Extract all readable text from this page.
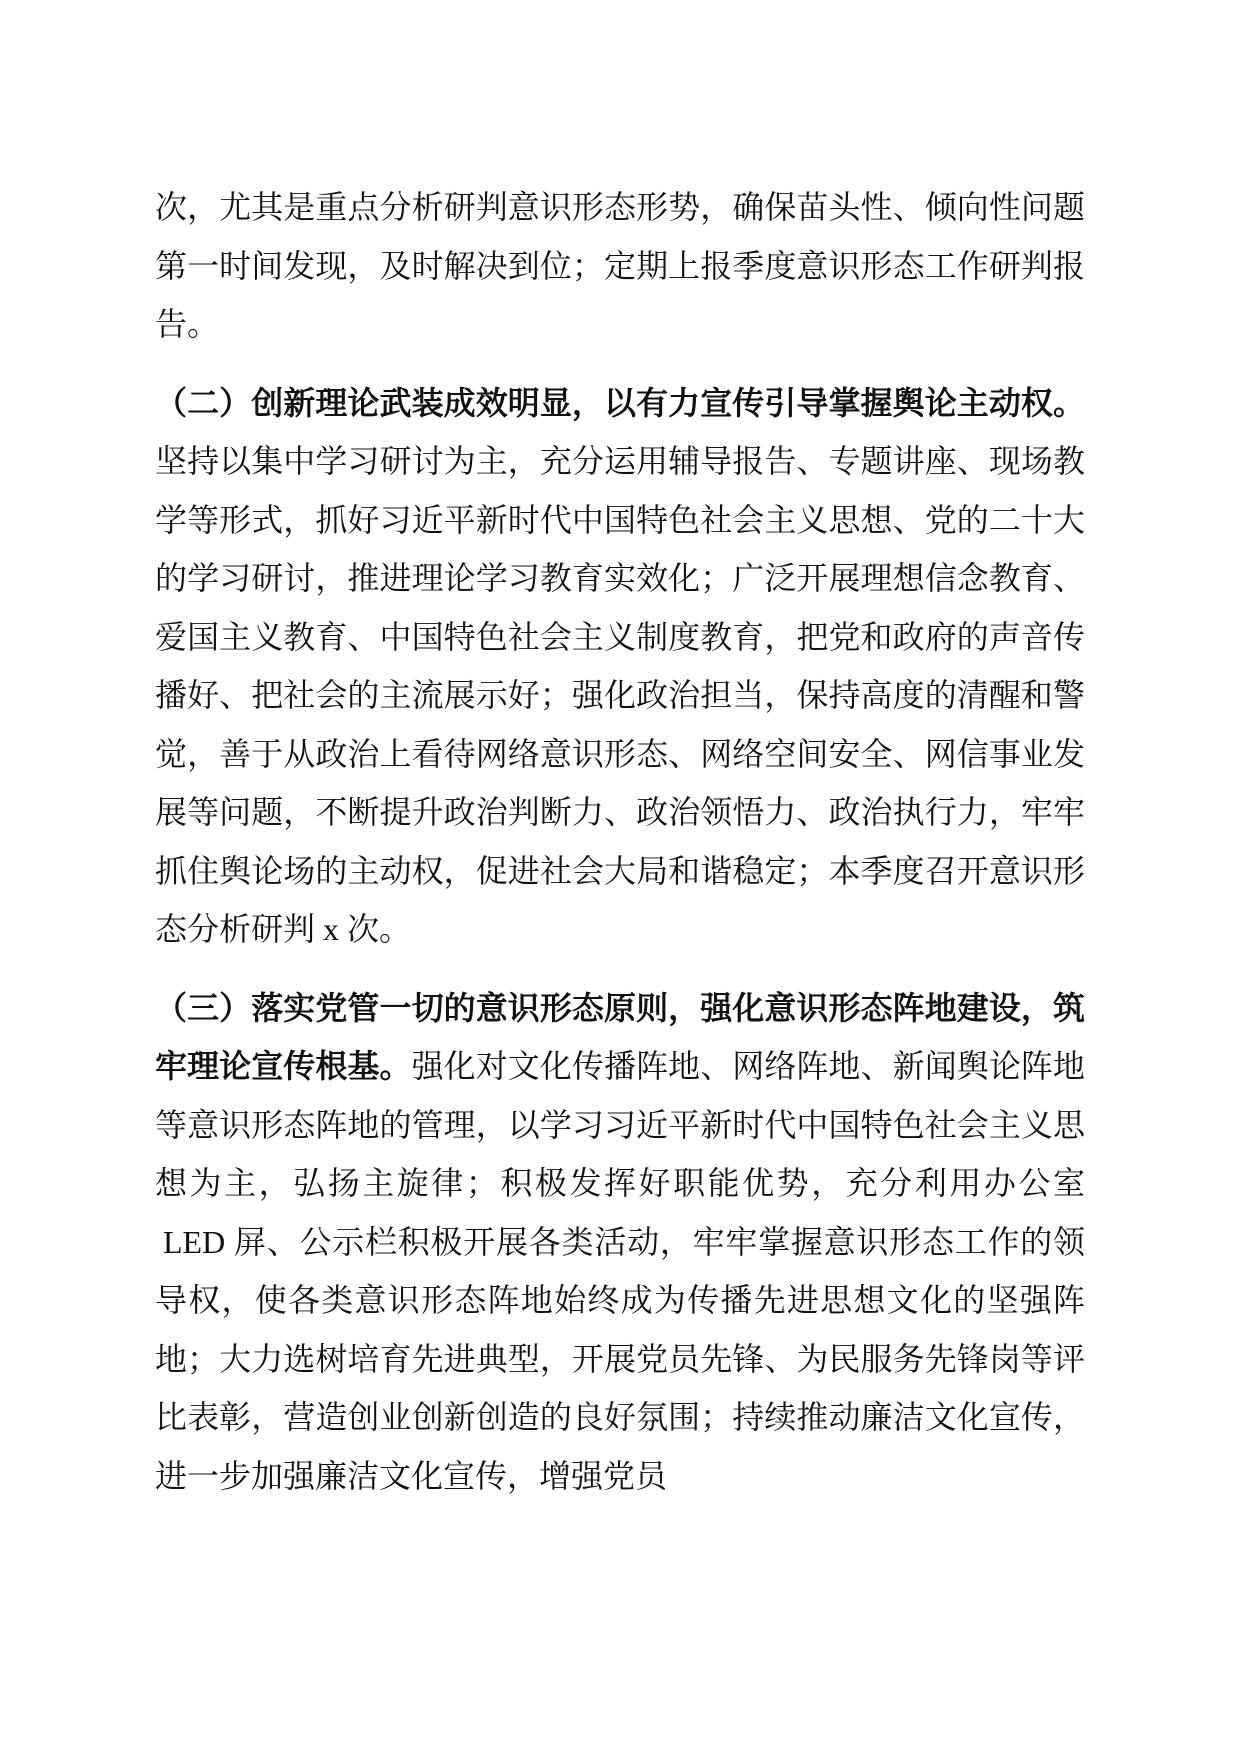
次，尤其是重点分析研判意识形态形势，确保苗头性、倾向性问题第一时间发现，及时解决到位；定期上报季度意识形态工作研判报告。

（二）创新理论武装成效明显，以有力宣传引导掌握舆论主动权。坚持以集中学习研讨为主，充分运用辅导报告、专题讲座、现场教学等形式，抓好习近平新时代中国特色社会主义思想、党的二十大的学习研讨，推进理论学习教育实效化；广泛开展理想信念教育、爱国主义教育、中国特色社会主义制度教育，把党和政府的声音传播好、把社会的主流展示好；强化政治担当，保持高度的清醒和警觉，善于从政治上看待网络意识形态、网络空间安全、网信事业发展等问题，不断提升政治判断力、政治领悟力、政治执行力，牢牢抓住舆论场的主动权，促进社会大局和谐稳定；本季度召开意识形态分析研判 x 次。

（三）落实党管一切的意识形态原则，强化意识形态阵地建设，筑牢理论宣传根基。强化对文化传播阵地、网络阵地、新闻舆论阵地等意识形态阵地的管理，以学习习近平新时代中国特色社会主义思想为主，弘扬主旋律；积极发挥好职能优势，充分利用办公室LED 屏、公示栏积极开展各类活动，牢牢掌握意识形态工作的领导权，使各类意识形态阵地始终成为传播先进思想文化的坚强阵地；大力选树培育先进典型，开展党员先锋、为民服务先锋岗等评比表彰，营造创业创新创造的良好氛围；持续推动廉洁文化宣传，进一步加强廉洁文化宣传，增强党员
